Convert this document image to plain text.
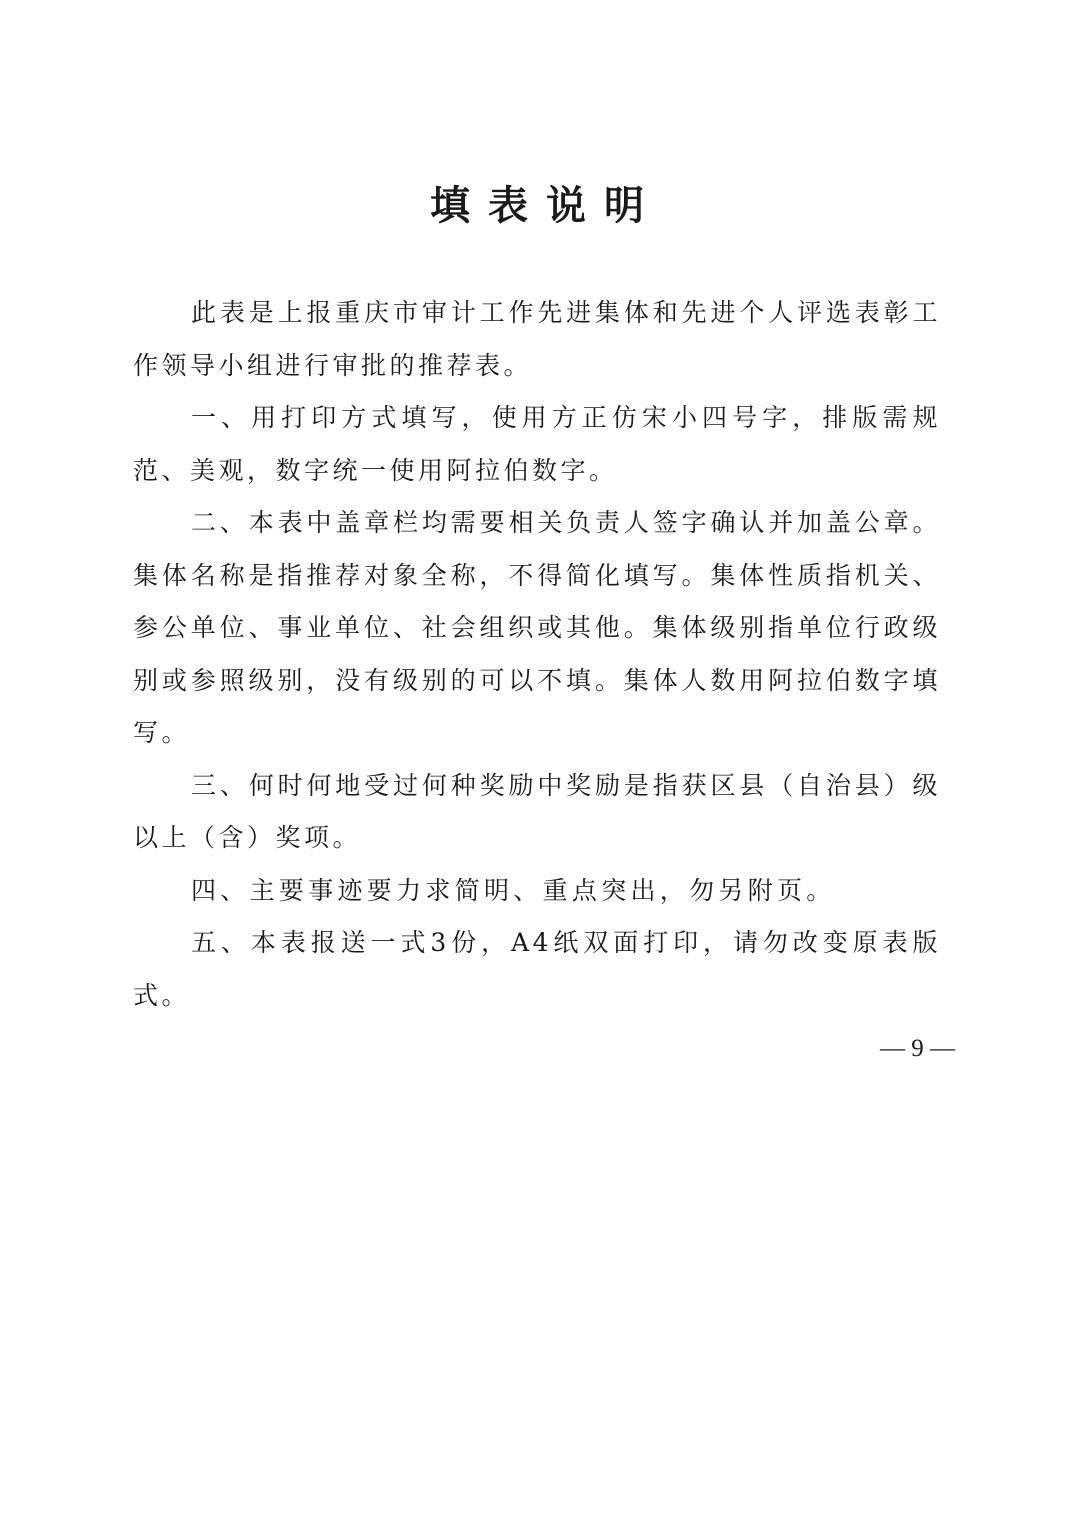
填表说明

此表是上报重庆市审计工作先进集体和先进个人评选表彰工作领导小组进行审批的推荐表。

一、用打印方式填写，使用方正仿宋小四号字，排版需规范、美观，数字统一使用阿拉伯数字。

二、本表中盖章栏均需要相关负责人签字确认并加盖公章。集体名称是指推荐对象全称，不得简化填写。集体性质指机关、参公单位、事业单位、社会组织或其他。集体级别指单位行政级别或参照级别，没有级别的可以不填。集体人数用阿拉伯数字填写。

三、何时何地受过何种奖励中奖励是指获区县（自治县）级以上（含）奖项。

四、主要事迹要力求简明、重点突出，勿另附页。

五、本表报送一式3份，A4纸双面打印，请勿改变原表版式。

— 9 —
